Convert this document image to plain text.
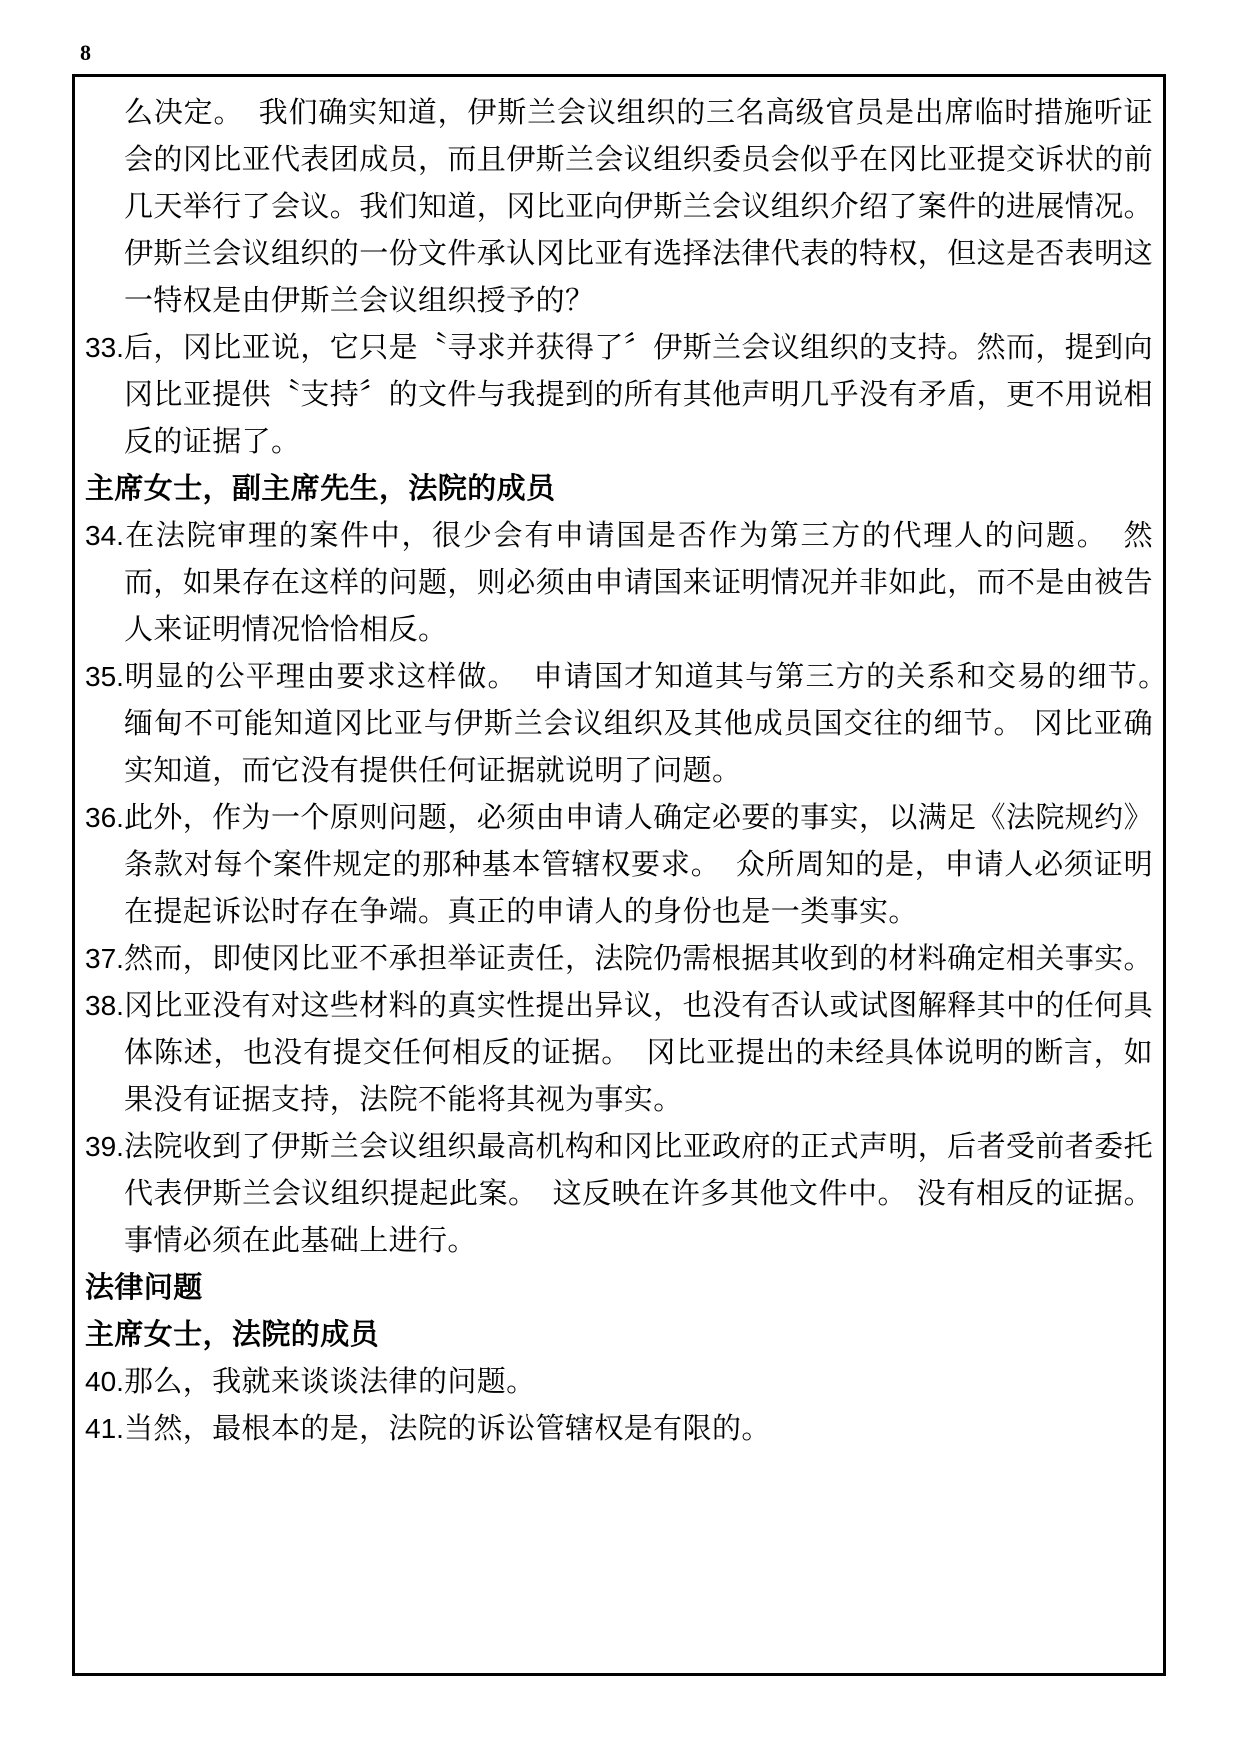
8
么决定。　我们确实知道，伊斯兰会议组织的三名高级官员是出席临时措施听证会的冈比亚代表团成员，而且伊斯兰会议组织委员会似乎在冈比亚提交诉状的前几天举行了会议。我们知道，冈比亚向伊斯兰会议组织介绍了案件的进展情况。伊斯兰会议组织的一份文件承认冈比亚有选择法律代表的特权，但这是否表明这一特权是由伊斯兰会议组织授予的？
33.后，冈比亚说，它只是〝寻求并获得了〞伊斯兰会议组织的支持。然而，提到向冈比亚提供〝支持〞的文件与我提到的所有其他声明几乎没有矛盾，更不用说相反的证据了。
主席女士，副主席先生，法院的成员
34.在法院审理的案件中，很少会有申请国是否作为第三方的代理人的问题。　然而，如果存在这样的问题，则必须由申请国来证明情况并非如此，而不是由被告人来证明情况恰恰相反。
35.明显的公平理由要求这样做。　申请国才知道其与第三方的关系和交易的细节。　缅甸不可能知道冈比亚与伊斯兰会议组织及其他成员国交往的细节。 冈比亚确实知道，而它没有提供任何证据就说明了问题。
36.此外，作为一个原则问题，必须由申请人确定必要的事实，以满足《法院规约》条款对每个案件规定的那种基本管辖权要求。　众所周知的是，申请人必须证明在提起诉讼时存在争端。真正的申请人的身份也是一类事实。
37.然而，即使冈比亚不承担举证责任，法院仍需根据其收到的材料确定相关事实。
38.冈比亚没有对这些材料的真实性提出异议，也没有否认或试图解释其中的任何具体陈述，也没有提交任何相反的证据。　冈比亚提出的未经具体说明的断言，如果没有证据支持，法院不能将其视为事实。
39.法院收到了伊斯兰会议组织最高机构和冈比亚政府的正式声明，后者受前者委托代表伊斯兰会议组织提起此案。　这反映在许多其他文件中。 没有相反的证据。 事情必须在此基础上进行。
法律问题
主席女士，法院的成员
40.那么，我就来谈谈法律的问题。
41.当然，最根本的是，法院的诉讼管辖权是有限的。
